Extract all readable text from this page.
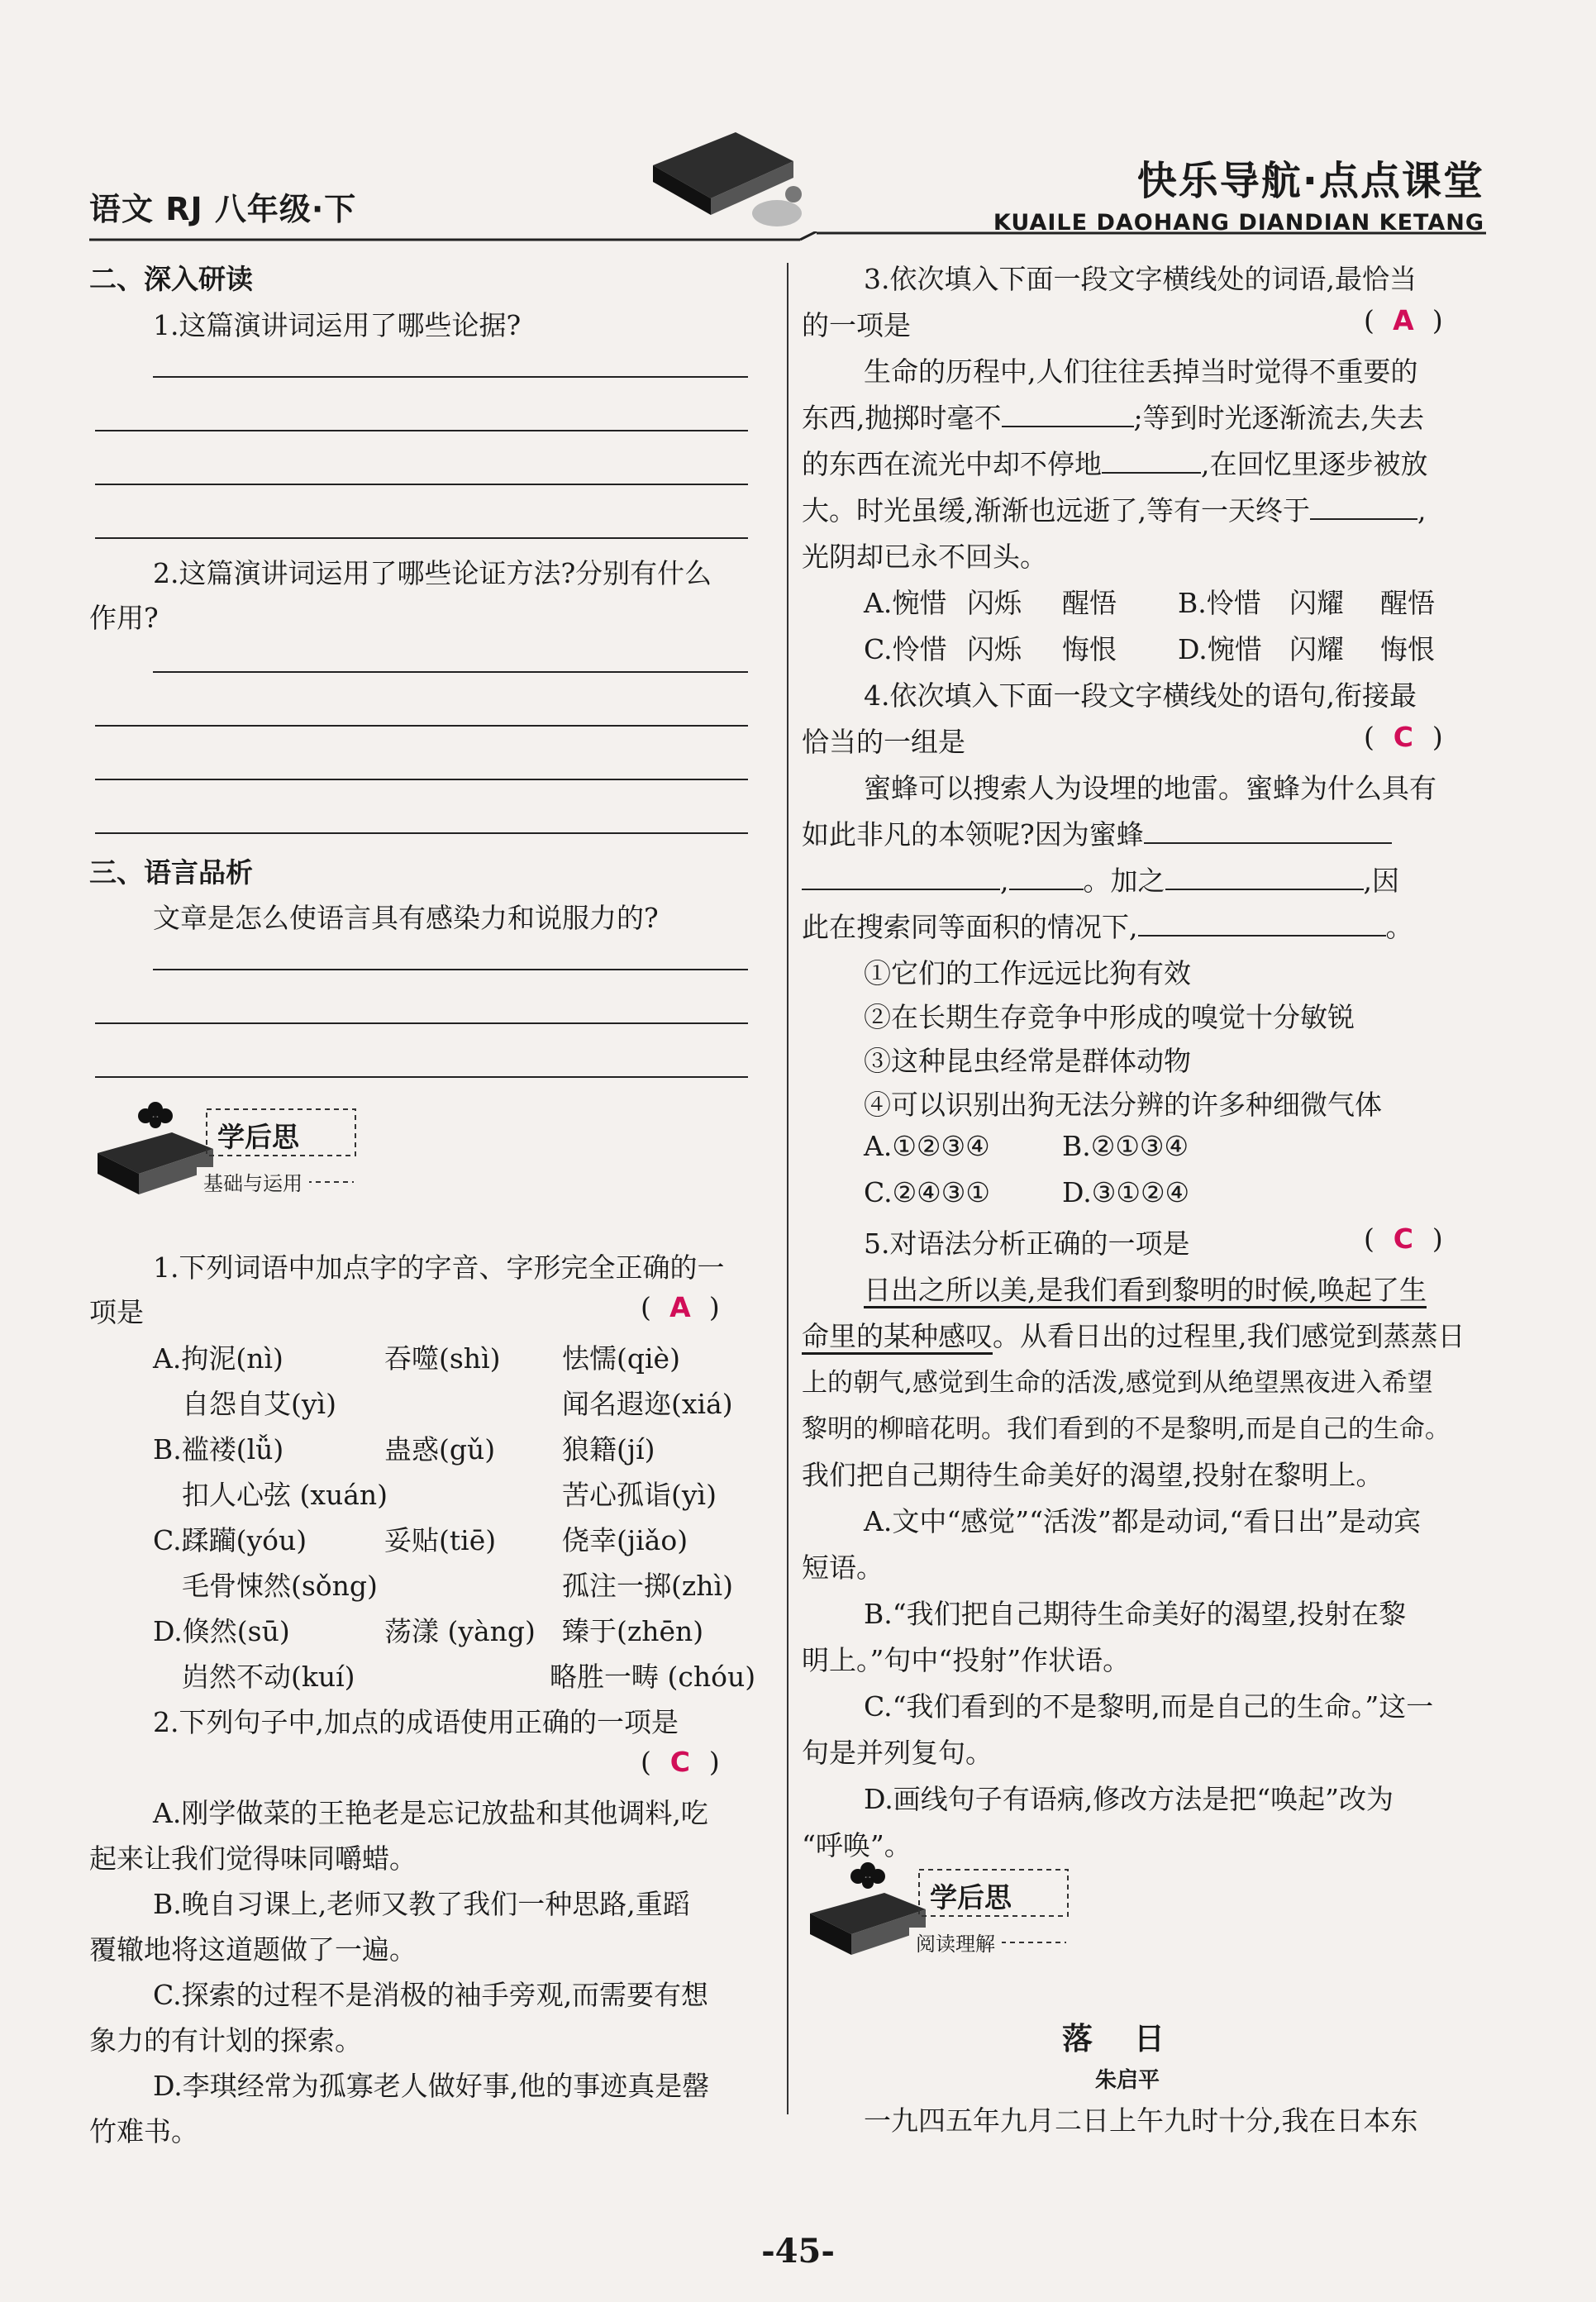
语文 RJ 八年级·下
快乐导航·点点课堂
KUAILE DAOHANG DIANDIAN KETANG
二、深入研读
1.这篇演讲词运用了哪些论据?
2.这篇演讲词运用了哪些论证方法?分别有什么
作用?
三、语言品析
文章是怎么使语言具有感染力和说服力的?
学后思
基础与运用
1.下列词语中加点字的字音、字形完全正确的一
项是	( A )
A.拘泥(nì)	吞噬(shì) 怯懦(qiè)
自怨自艾(yì)	闻名遐迩(xiá)
B.褴褛(lǚ)	蛊惑(gǔ) 狼籍(jí)
扣人心弦 (xuán)	苦心孤诣(yì)
C.蹂躏(yóu)	妥贴(tiē) 侥幸(jiǎo)
毛骨悚然(sǒng)	孤注一掷(zhì)
D.倏然(sū)	荡漾 (yàng) 臻于(zhēn)
岿然不动(kuí)	略胜一畴 (chóu)
2.下列句子中,加点的成语使用正确的一项是
( C )
A.刚学做菜的王艳老是忘记放盐和其他调料,吃
起来让我们觉得味同嚼蜡。
B.晚自习课上,老师又教了我们一种思路,重蹈
覆辙地将这道题做了一遍。
C.探索的过程不是消极的袖手旁观,而需要有想
象力的有计划的探索。
D.李琪经常为孤寡老人做好事,他的事迹真是罄
竹难书。
3.依次填入下面一段文字横线处的词语,最恰当
的一项是	( A )
生命的历程中,人们往往丢掉当时觉得不重要的
东西,抛掷时毫不	;等到时光逐渐流去,失去
的东西在流光中却不停地	,在回忆里逐步被放
大。时光虽缓,渐渐也远逝了,等有一天终于	,
光阴却已永不回头。
A.惋惜 闪烁 醒悟 B.怜惜 闪耀 醒悟
C.怜惜 闪烁 悔恨 D.惋惜 闪耀 悔恨
4.依次填入下面一段文字横线处的语句,衔接最
恰当的一组是	( C )
蜜蜂可以搜索人为设埋的地雷。蜜蜂为什么具有
如此非凡的本领呢?因为蜜蜂
,	。加之	,因
此在搜索同等面积的情况下,	。
①它们的工作远远比狗有效
②在长期生存竞争中形成的嗅觉十分敏锐
③这种昆虫经常是群体动物
④可以识别出狗无法分辨的许多种细微气体
A.①②③④	B.②①③④
C.②④③①	D.③①②④
5.对语法分析正确的一项是	( C )
日出之所以美,是我们看到黎明的时候,唤起了生
命里的某种感叹。从看日出的过程里,我们感觉到蒸蒸日
上的朝气,感觉到生命的活泼,感觉到从绝望黑夜进入希望
黎明的柳暗花明。我们看到的不是黎明,而是自己的生命。
我们把自己期待生命美好的渴望,投射在黎明上。
A.文中“感觉”“活泼”都是动词,“看日出”是动宾
短语。
B.“我们把自己期待生命美好的渴望,投射在黎
明上。”句中“投射”作状语。
C.“我们看到的不是黎明,而是自己的生命。”这一
句是并列复句。
D.画线句子有语病,修改方法是把“唤起”改为
“呼唤”。
学后思
阅读理解
落日
朱启平
一九四五年九月二日上午九时十分,我在日本东
-45-
